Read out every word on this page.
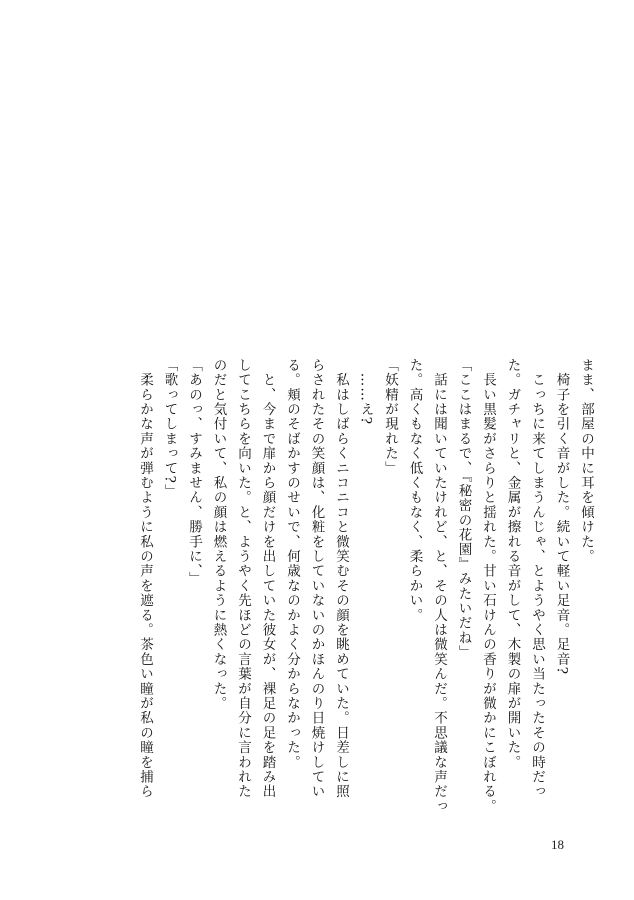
まま、部屋の中に耳を傾けた。

　椅子を引く音がした。続いて軽い足音。足音?

　こっちに来てしまうんじゃ、とようやく思い当たったその時だっ

た。ガチャリと、金属が擦れる音がして、木製の扉が開いた。

　長い黒髪がさらりと揺れた。甘い石けんの香りが微かにこぼれる。

「ここはまるで、『秘密の花園』みたいだね」

　話には聞いていたけれど、と、その人は微笑んだ。不思議な声だっ

た。高くもなく低くもなく、柔らかい。

「妖精が現れた」

　……え?

　私はしばらくニコニコと微笑むその顔を眺めていた。日差しに照

らされたその笑顔は、化粧をしていないのかほんのり日焼けしてい

る。頬のそばかすのせいで、何歳なのかよく分からなかった。

　と、今まで扉から顔だけを出していた彼女が、裸足の足を踏み出

してこちらを向いた。と、ようやく先ほどの言葉が自分に言われた

のだと気付いて、私の顔は燃えるように熱くなった。

「あのっ、すみません、勝手に、」

「歌ってしまって?」

　柔らかな声が弾むように私の声を遮る。茶色い瞳が私の瞳を捕ら

18
